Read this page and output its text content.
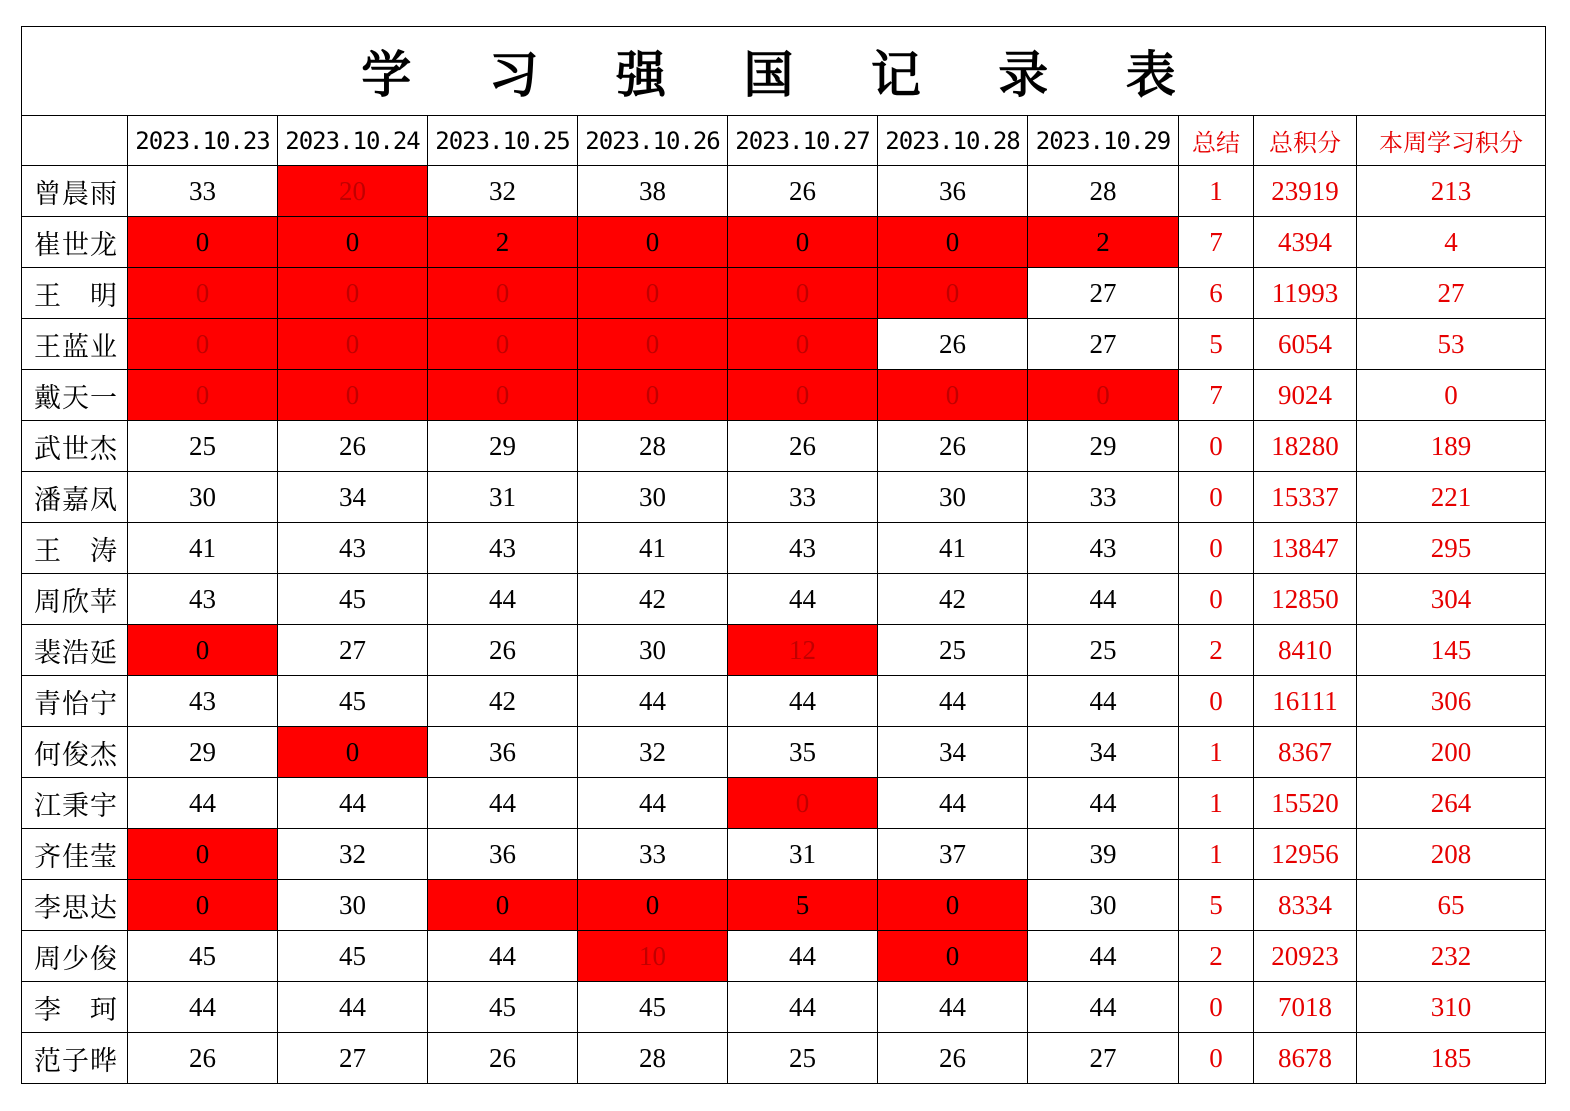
学 习 强 国 记 录 表										
	2023.10.23	2023.10.24	2023.10.25	2023.10.26	2023.10.27	2023.10.28	2023.10.29	总结	总积分	本周学习积分

曾晨雨	33	20	32	38	26	36	28	1	23919	213

崔世龙	0	0	2	0	0	0	2	7	4394	4

王 明	0	0	0	0	0	0	27	6	11993	27

王蓝业	0	0	0	0	0	26	27	5	6054	53

戴天一	0	0	0	0	0	0	0	7	9024	0

武世杰	25	26	29	28	26	26	29	0	18280	189

潘嘉凤	30	34	31	30	33	30	33	0	15337	221

王 涛	41	43	43	41	43	41	43	0	13847	295

周欣苹	43	45	44	42	44	42	44	0	12850	304

裴浩延	0	27	26	30	12	25	25	2	8410	145

青怡宁	43	45	42	44	44	44	44	0	16111	306

何俊杰	29	0	36	32	35	34	34	1	8367	200

江秉宇	44	44	44	44	0	44	44	1	15520	264

齐佳莹	0	32	36	33	31	37	39	1	12956	208

李思达	0	30	0	0	5	0	30	5	8334	65

周少俊	45	45	44	10	44	0	44	2	20923	232

李 珂	44	44	45	45	44	44	44	0	7018	310

范子晔	26	27	26	28	25	26	27	0	8678	185
